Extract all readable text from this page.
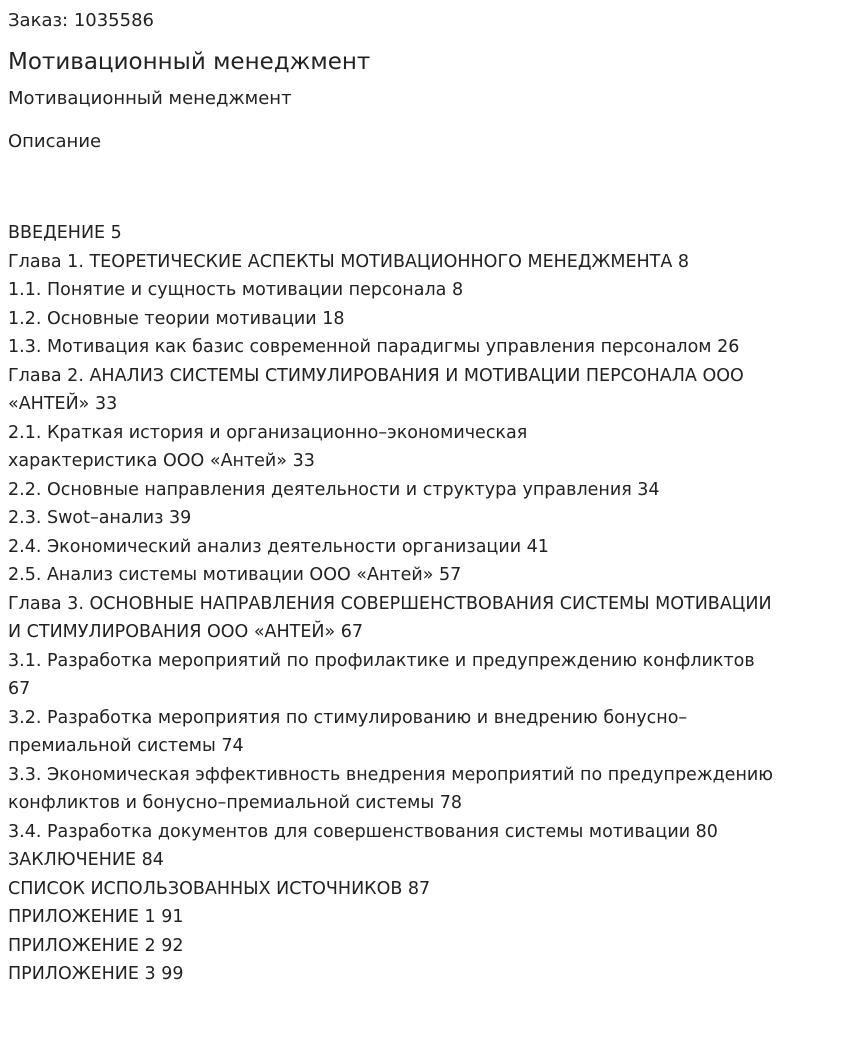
Заказ: 1035586
Мотивационный менеджмент
Мотивационный менеджмент
Описание
ВВЕДЕНИЕ 5
Глава 1. ТЕОРЕТИЧЕСКИЕ АСПЕКТЫ МОТИВАЦИОННОГО МЕНЕДЖМЕНТА 8
1.1. Понятие и сущность мотивации персонала 8
1.2. Основные теории мотивации 18
1.3. Мотивация как базис современной парадигмы управления персоналом 26
Глава 2. АНАЛИЗ СИСТЕМЫ СТИМУЛИРОВАНИЯ И МОТИВАЦИИ ПЕРСОНАЛА ООО
«АНТЕЙ» 33
2.1. Краткая история и организационно–экономическая
характеристика ООО «Антей» 33
2.2. Основные направления деятельности и структура управления 34
2.3. Swot–анализ 39
2.4. Экономический анализ деятельности организации 41
2.5. Анализ системы мотивации ООО «Антей» 57
Глава 3. ОСНОВНЫЕ НАПРАВЛЕНИЯ СОВЕРШЕНСТВОВАНИЯ СИСТЕМЫ МОТИВАЦИИ
И СТИМУЛИРОВАНИЯ ООО «АНТЕЙ» 67
3.1. Разработка мероприятий по профилактике и предупреждению конфликтов
67
3.2. Разработка мероприятия по стимулированию и внедрению бонусно–
премиальной системы 74
3.3. Экономическая эффективность внедрения мероприятий по предупреждению
конфликтов и бонусно–премиальной системы 78
3.4. Разработка документов для совершенствования системы мотивации 80
ЗАКЛЮЧЕНИЕ 84
СПИСОК ИСПОЛЬЗОВАННЫХ ИСТОЧНИКОВ 87
ПРИЛОЖЕНИЕ 1 91
ПРИЛОЖЕНИЕ 2 92
ПРИЛОЖЕНИЕ 3 99
